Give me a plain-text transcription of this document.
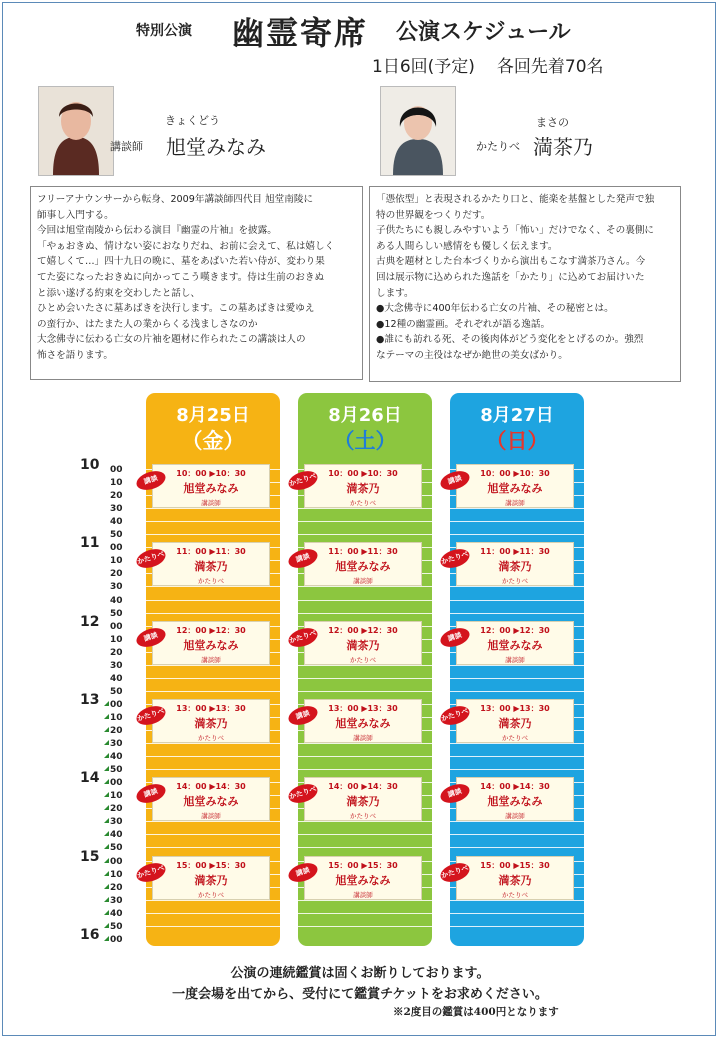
特別公演 幽霊寄席 公演スケジュール
1日6回(予定) 各回先着70名
きょくどう
講談師 旭堂みなみ

フリーアナウンサーから転身、2009年講談師四代目 旭堂南陵に

師事し入門する。

今回は旭堂南陵から伝わる演目『幽霊の片袖』を披露。

「やぁおきぬ、情けない姿におなりだね、お前に会えて、私は嬉しく

て嬉しくて…」四十九日の晩に、墓をあばいた若い侍が、変わり果

てた姿になったおきぬに向かってこう嘆きます。侍は生前のおきぬ

と添い遂げる約束を交わしたと話し、

ひとめ会いたさに墓あばきを決行します。この墓あばきは愛ゆえ

の蛮行か、はたまた人の業からくる浅ましさなのか

大念佛寺に伝わる亡女の片袖を題材に作られたこの講談は人の

怖さを語ります。

まさの
かたりべ 満茶乃

「憑依型」と表現されるかたり口と、能楽を基盤とした発声で独

特の世界観をつくりだす。

子供たちにも親しみやすいよう「怖い」だけでなく、その裏側に

ある人間らしい感情をも優しく伝えます。

古典を題材とした台本づくりから演出もこなす満茶乃さん。今

回は展示物に込められた逸話を「かたり」に込めてお届けいた

します。

●大念佛寺に400年伝わる亡女の片袖、その秘密とは。

●12種の幽霊画。それぞれが語る逸話。

●誰にも訪れる死、その後肉体がどう変化をとげるのか。強烈

なテーマの主役はなぜか絶世の美女ばかり。

10 00
10
20
30
40
50
11 00
10
20
30
40
50
12 00
10
20
30
40
50
13 00
10
20
30
40
50
14 00
10
20
30
40
50
15 00
10
20
30
40
50
16 00
8月25日
（金）
10：00 ▶10：30
旭堂みなみ
講談師
講談
11：00 ▶11：30
満茶乃
かたりべ
かたりべ
12：00 ▶12：30
旭堂みなみ
講談師
講談
13：00 ▶13：30
満茶乃
かたりべ
かたりべ
14：00 ▶14：30
旭堂みなみ
講談師
講談
15：00 ▶15：30
満茶乃
かたりべ
かたりべ
8月26日
（土）
10：00 ▶10：30
満茶乃
かたりべ
かたりべ
11：00 ▶11：30
旭堂みなみ
講談師
講談
12：00 ▶12：30
満茶乃
かたりべ
かたりべ
13：00 ▶13：30
旭堂みなみ
講談師
講談
14：00 ▶14：30
満茶乃
かたりべ
かたりべ
15：00 ▶15：30
旭堂みなみ
講談師
講談
8月27日
（日）
10：00 ▶10：30
旭堂みなみ
講談師
講談
11：00 ▶11：30
満茶乃
かたりべ
かたりべ
12：00 ▶12：30
旭堂みなみ
講談師
講談
13：00 ▶13：30
満茶乃
かたりべ
かたりべ
14：00 ▶14：30
旭堂みなみ
講談師
講談
15：00 ▶15：30
満茶乃
かたりべ
かたりべ
公演の連続鑑賞は固くお断りしております。
一度会場を出てから、受付にて鑑賞チケットをお求めください。
※2度目の鑑賞は400円となります
